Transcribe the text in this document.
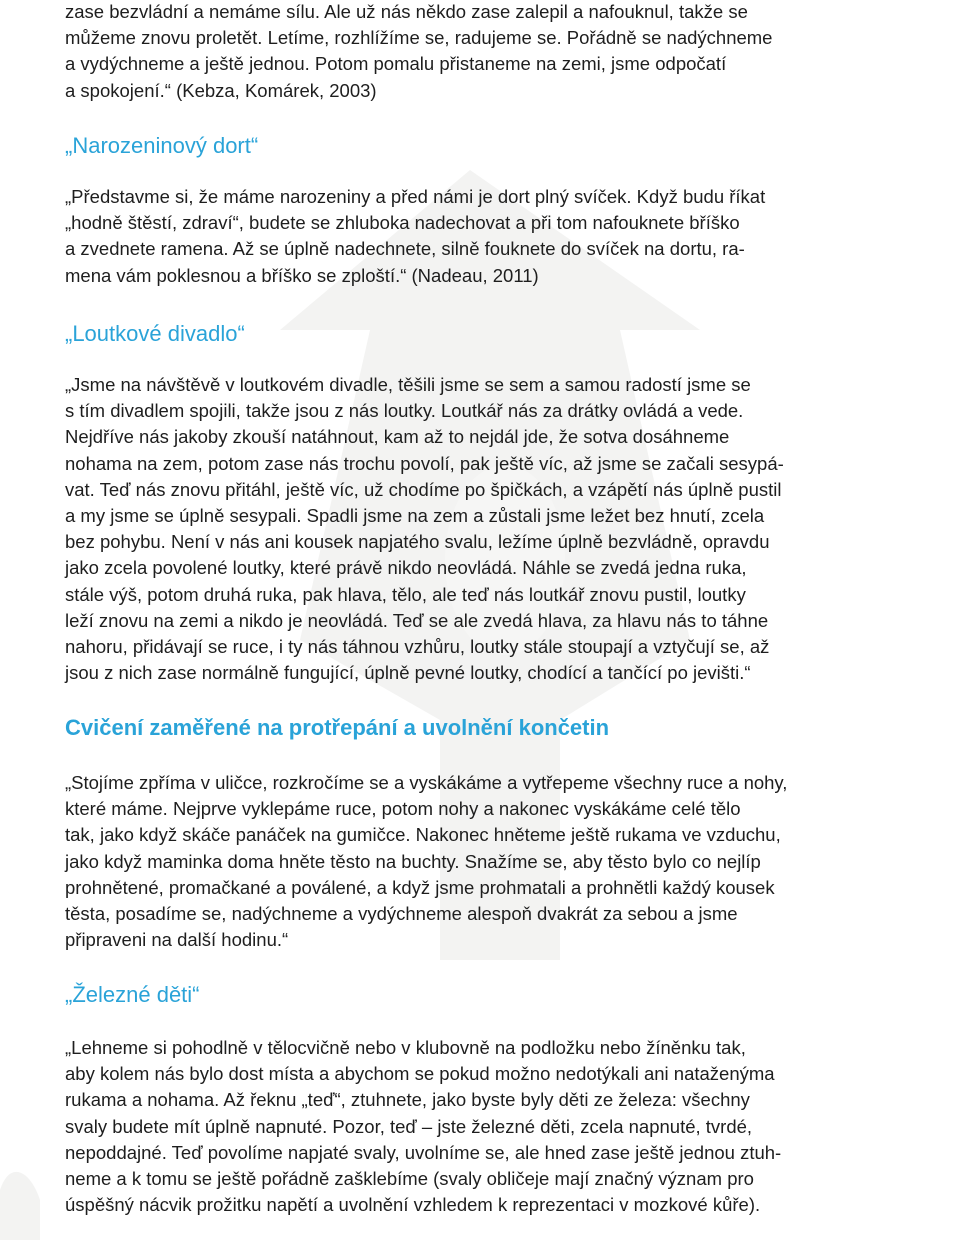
zase bezvládní a nemáme sílu. Ale už nás někdo zase zalepil a nafouknul, takže se
můžeme znovu proletět. Letíme, rozhlížíme se, radujeme se. Pořádně se nadýchneme
a vydýchneme a ještě jednou. Potom pomalu přistaneme na zemi, jsme odpočatí
a spokojení.“ (Kebza, Komárek, 2003)

„Narozeninový dort“

„Představme si, že máme narozeniny a před námi je dort plný svíček. Když budu říkat
„hodně štěstí, zdraví“, budete se zhluboka nadechovat a při tom nafouknete bříško
a zvednete ramena. Až se úplně nadechnete, silně fouknete do svíček na dortu, ra-
mena vám poklesnou a bříško se zploští.“ (Nadeau, 2011)

„Loutkové divadlo“

„Jsme na návštěvě v loutkovém divadle, těšili jsme se sem a samou radostí jsme se
s tím divadlem spojili, takže jsou z nás loutky. Loutkář nás za drátky ovládá a vede.
Nejdříve nás jakoby zkouší natáhnout, kam až to nejdál jde, že sotva dosáhneme
nohama na zem, potom zase nás trochu povolí, pak ještě víc, až jsme se začali sesypá-
vat. Teď nás znovu přitáhl, ještě víc, už chodíme po špičkách, a vzápětí nás úplně pustil
a my jsme se úplně sesypali. Spadli jsme na zem a zůstali jsme ležet bez hnutí, zcela
bez pohybu. Není v nás ani kousek napjatého svalu, ležíme úplně bezvládně, opravdu
jako zcela povolené loutky, které právě nikdo neovládá. Náhle se zvedá jedna ruka,
stále výš, potom druhá ruka, pak hlava, tělo, ale teď nás loutkář znovu pustil, loutky
leží znovu na zemi a nikdo je neovládá. Teď se ale zvedá hlava, za hlavu nás to táhne
nahoru, přidávají se ruce, i ty nás táhnou vzhůru, loutky stále stoupají a vztyčují se, až
jsou z nich zase normálně fungující, úplně pevné loutky, chodící a tančící po jevišti.“

Cvičení zaměřené na protřepání a uvolnění končetin

„Stojíme zpříma v uličce, rozkročíme se a vyskákáme a vytřepeme všechny ruce a nohy,
které máme. Nejprve vyklepáme ruce, potom nohy a nakonec vyskákáme celé tělo
tak, jako když skáče panáček na gumičce. Nakonec hněteme ještě rukama ve vzduchu,
jako když maminka doma hněte těsto na buchty. Snažíme se, aby těsto bylo co nejlíp
prohnětené, promačkané a poválené, a když jsme prohmatali a prohnětli každý kousek
těsta, posadíme se, nadýchneme a vydýchneme alespoň dvakrát za sebou a jsme
připraveni na další hodinu.“

„Železné děti“

„Lehneme si pohodlně v tělocvičně nebo v klubovně na podložku nebo žíněnku tak,
aby kolem nás bylo dost místa a abychom se pokud možno nedotýkali ani nataženýma
rukama a nohama. Až řeknu „teď“, ztuhnete, jako byste byly děti ze železa: všechny
svaly budete mít úplně napnuté. Pozor, teď – jste železné děti, zcela napnuté, tvrdé,
nepoddajné. Teď povolíme napjaté svaly, uvolníme se, ale hned zase ještě jednou ztuh-
neme a k tomu se ještě pořádně zašklebíme (svaly obličeje mají značný význam pro
úspěšný nácvik prožitku napětí a uvolnění vzhledem k reprezentaci v mozkové kůře).
